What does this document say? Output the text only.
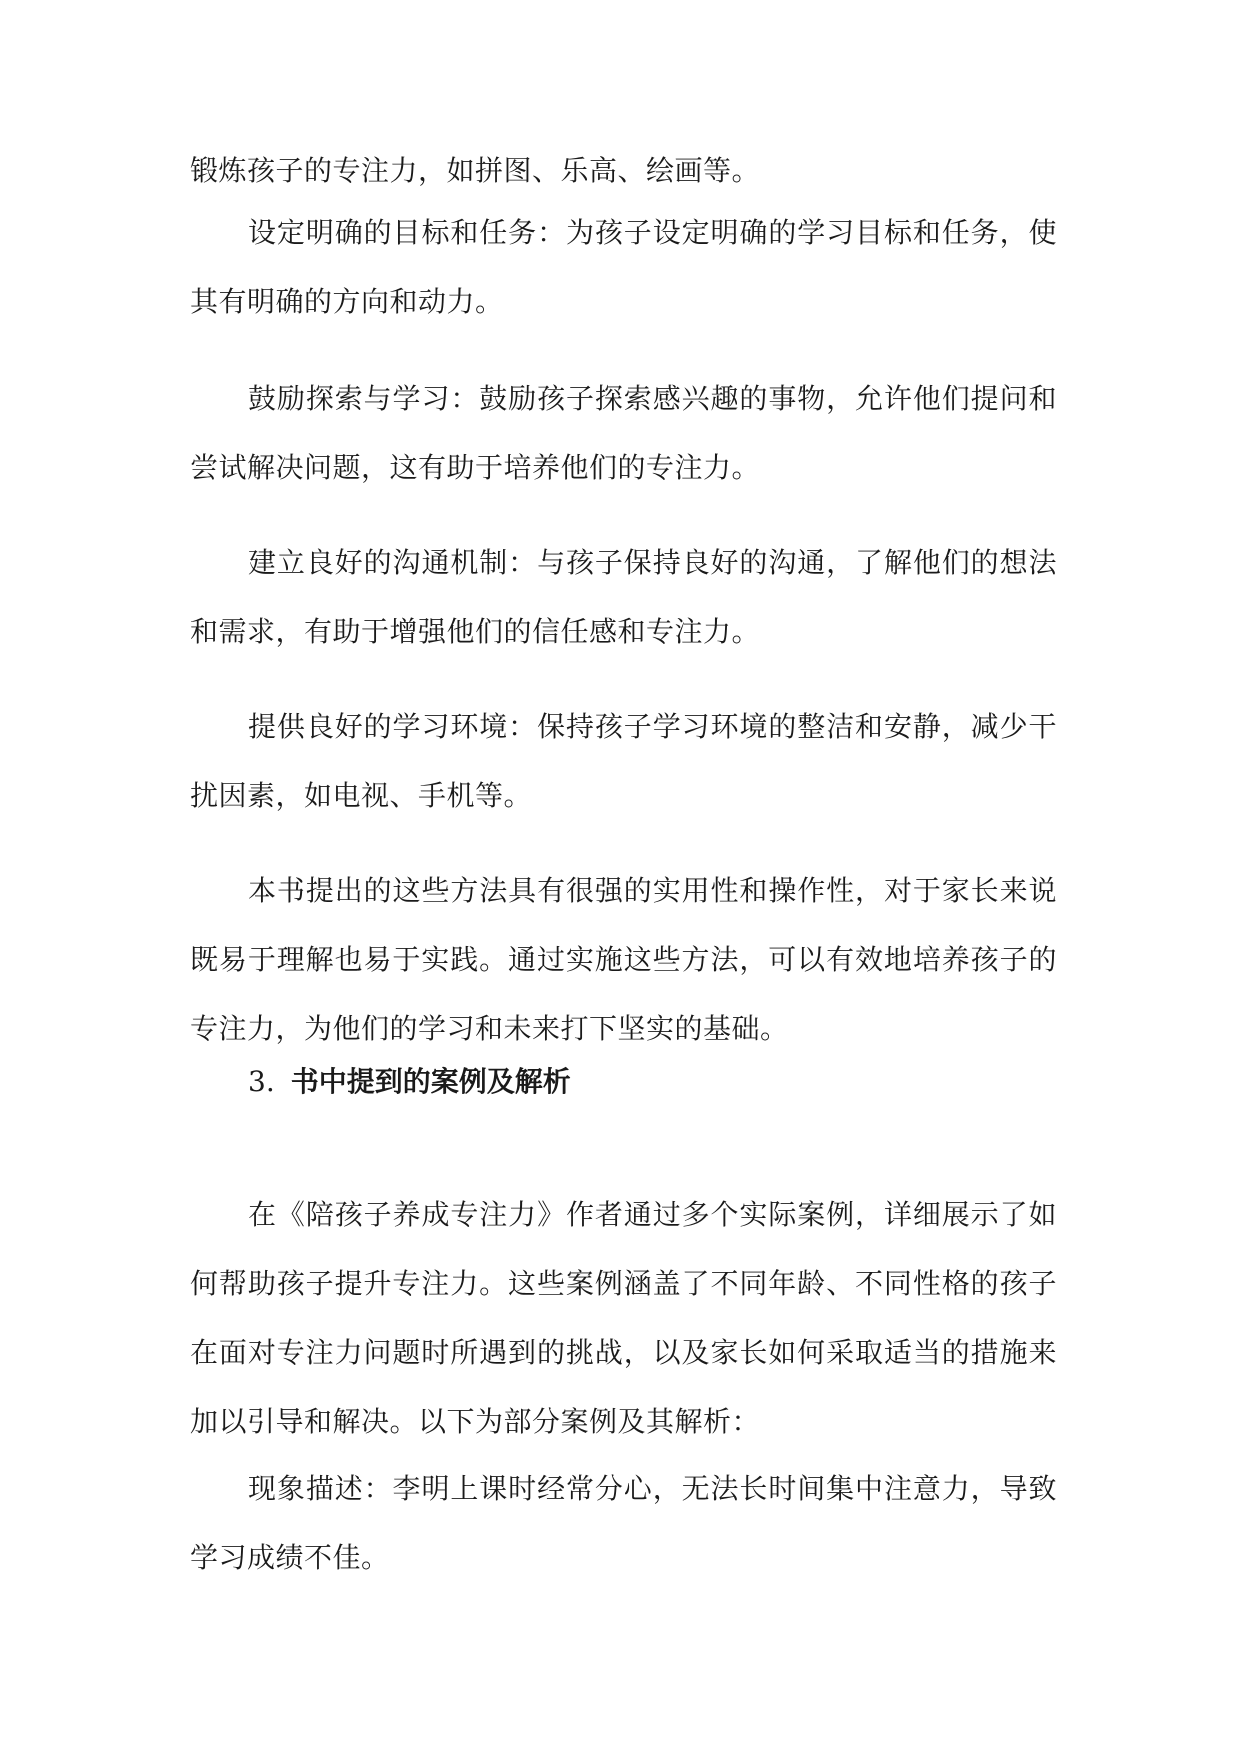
锻炼孩子的专注力，如拼图、乐高、绘画等。

设定明确的目标和任务：为孩子设定明确的学习目标和任务，使其有明确的方向和动力。

鼓励探索与学习：鼓励孩子探索感兴趣的事物，允许他们提问和尝试解决问题，这有助于培养他们的专注力。

建立良好的沟通机制：与孩子保持良好的沟通，了解他们的想法和需求，有助于增强他们的信任感和专注力。

提供良好的学习环境：保持孩子学习环境的整洁和安静，减少干扰因素，如电视、手机等。

本书提出的这些方法具有很强的实用性和操作性，对于家长来说既易于理解也易于实践。通过实施这些方法，可以有效地培养孩子的专注力，为他们的学习和未来打下坚实的基础。

3. 书中提到的案例及解析

在《陪孩子养成专注力》作者通过多个实际案例，详细展示了如何帮助孩子提升专注力。这些案例涵盖了不同年龄、不同性格的孩子在面对专注力问题时所遇到的挑战，以及家长如何采取适当的措施来加以引导和解决。以下为部分案例及其解析：

现象描述：李明上课时经常分心，无法长时间集中注意力，导致学习成绩不佳。
